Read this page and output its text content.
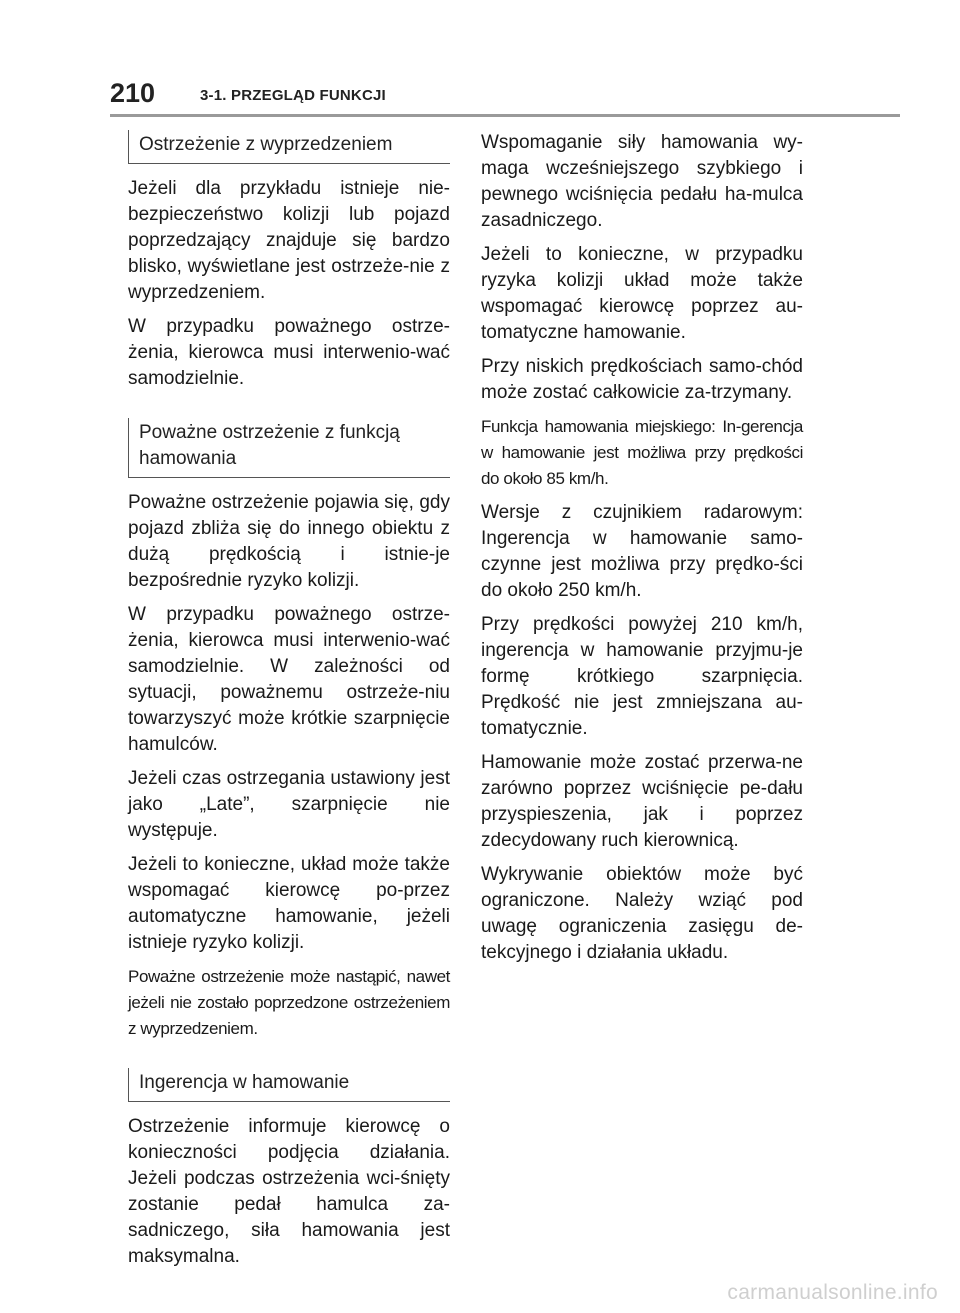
210	3-1. PRZEGLĄD FUNKCJI
Ostrzeżenie z wyprzedzeniem

Jeżeli dla przykładu istnieje nie-bezpieczeństwo kolizji lub pojazd poprzedzający znajduje się bardzo blisko, wyświetlane jest ostrzeże-nie z wyprzedzeniem.

W przypadku poważnego ostrze-żenia, kierowca musi interwenio-wać samodzielnie.

Poważne ostrzeżenie z funkcją hamowania

Poważne ostrzeżenie pojawia się, gdy pojazd zbliża się do innego obiektu z dużą prędkością i istnie-je bezpośrednie ryzyko kolizji.

W przypadku poważnego ostrze-żenia, kierowca musi interwenio-wać samodzielnie. W zależności od sytuacji, poważnemu ostrzeże-niu towarzyszyć może krótkie szarpnięcie hamulców.

Jeżeli czas ostrzegania ustawiony jest jako „Late”, szarpnięcie nie występuje.

Jeżeli to konieczne, układ może także wspomagać kierowcę po-przez automatyczne hamowanie, jeżeli istnieje ryzyko kolizji.

Poważne ostrzeżenie może nastąpić, nawet jeżeli nie zostało poprzedzone ostrzeżeniem z wyprzedzeniem.

Ingerencja w hamowanie

Ostrzeżenie informuje kierowcę o konieczności podjęcia działania. Jeżeli podczas ostrzeżenia wci-śnięty zostanie pedał hamulca za-sadniczego, siła hamowania jest maksymalna.

Wspomaganie siły hamowania wy-maga wcześniejszego szybkiego i pewnego wciśnięcia pedału ha-mulca zasadniczego.

Jeżeli to konieczne, w przypadku ryzyka kolizji układ może także wspomagać kierowcę poprzez au-tomatyczne hamowanie.

Przy niskich prędkościach samo-chód może zostać całkowicie za-trzymany.

Funkcja hamowania miejskiego: In-gerencja w hamowanie jest możliwa przy prędkości do około 85 km/h.

Wersje z czujnikiem radarowym: Ingerencja w hamowanie samo-czynne jest możliwa przy prędko-ści do około 250 km/h.

Przy prędkości powyżej 210 km/h, ingerencja w hamowanie przyjmu-je formę krótkiego szarpnięcia. Prędkość nie jest zmniejszana au-tomatycznie.

Hamowanie może zostać przerwa-ne zarówno poprzez wciśnięcie pe-dału przyspieszenia, jak i poprzez zdecydowany ruch kierownicą.

Wykrywanie obiektów może być ograniczone. Należy wziąć pod uwagę ograniczenia zasięgu de-tekcyjnego i działania układu.

carmanualsonline.info
